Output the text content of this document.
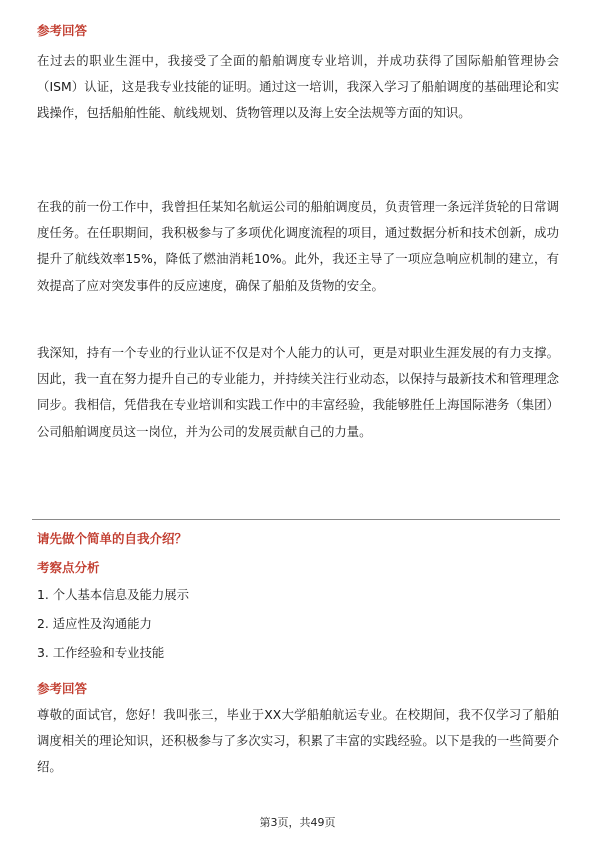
参考回答
在过去的职业生涯中，我接受了全面的船舶调度专业培训，并成功获得了国际船舶管理协会（ISM）认证，这是我专业技能的证明。通过这一培训，我深入学习了船舶调度的基础理论和实践操作，包括船舶性能、航线规划、货物管理以及海上安全法规等方面的知识。
在我的前一份工作中，我曾担任某知名航运公司的船舶调度员，负责管理一条远洋货轮的日常调度任务。在任职期间，我积极参与了多项优化调度流程的项目，通过数据分析和技术创新，成功提升了航线效率15%，降低了燃油消耗10%。此外，我还主导了一项应急响应机制的建立，有效提高了应对突发事件的反应速度，确保了船舶及货物的安全。
我深知，持有一个专业的行业认证不仅是对个人能力的认可，更是对职业生涯发展的有力支撑。因此，我一直在努力提升自己的专业能力，并持续关注行业动态，以保持与最新技术和管理理念同步。我相信，凭借我在专业培训和实践工作中的丰富经验，我能够胜任上海国际港务（集团）公司船舶调度员这一岗位，并为公司的发展贡献自己的力量。
请先做个简单的自我介绍？
考察点分析
1. 个人基本信息及能力展示
2. 适应性及沟通能力
3. 工作经验和专业技能
参考回答
尊敬的面试官，您好！我叫张三，毕业于XX大学船舶航运专业。在校期间，我不仅学习了船舶调度相关的理论知识，还积极参与了多次实习，积累了丰富的实践经验。以下是我的一些简要介绍。
第3页，共49页
